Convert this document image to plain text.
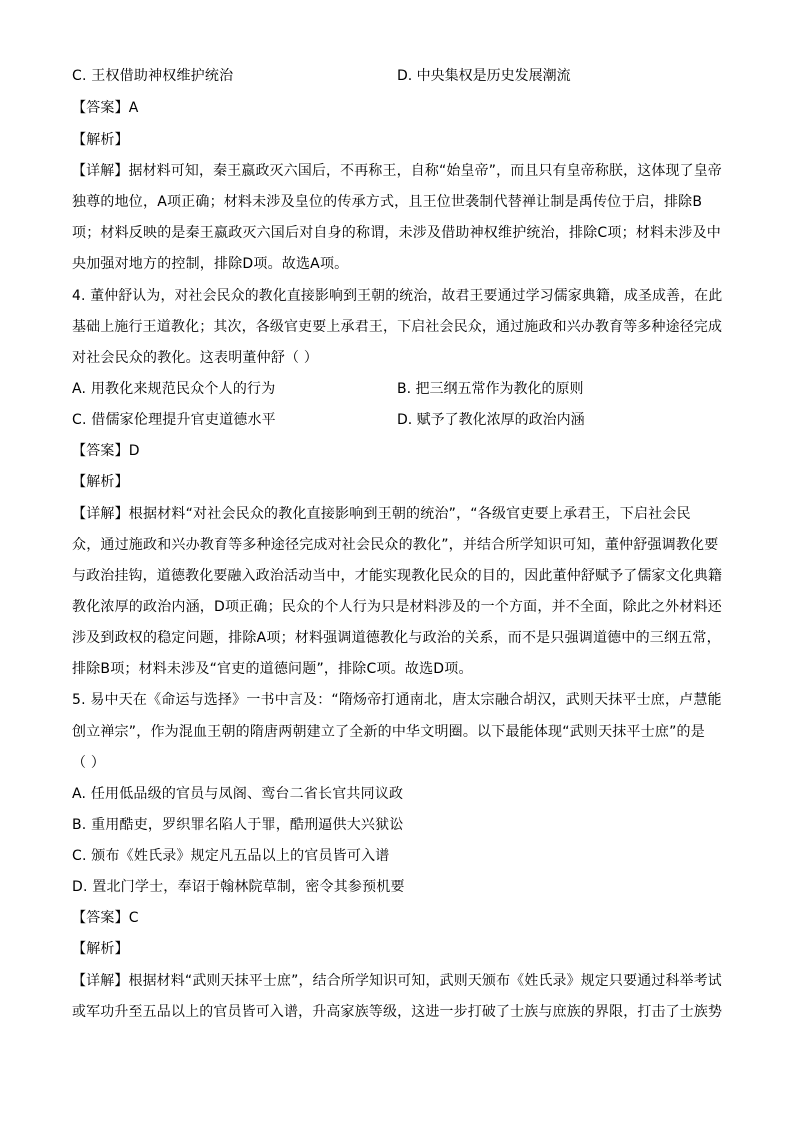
C. 王权借助神权维护统治	D. 中央集权是历史发展潮流
【答案】A
【解析】
【详解】据材料可知，秦王嬴政灭六国后，不再称王，自称“始皇帝”，而且只有皇帝称朕，这体现了皇帝
独尊的地位，A项正确；材料未涉及皇位的传承方式，且王位世袭制代替禅让制是禹传位于启，排除B
项；材料反映的是秦王嬴政灭六国后对自身的称谓，未涉及借助神权维护统治，排除C项；材料未涉及中
央加强对地方的控制，排除D项。故选A项。
4. 董仲舒认为，对社会民众的教化直接影响到王朝的统治，故君王要通过学习儒家典籍，成圣成善，在此
基础上施行王道教化；其次，各级官吏要上承君王，下启社会民众，通过施政和兴办教育等多种途径完成
对社会民众的教化。这表明董仲舒（ ）
A. 用教化来规范民众个人的行为	B. 把三纲五常作为教化的原则
C. 借儒家伦理提升官吏道德水平	D. 赋予了教化浓厚的政治内涵
【答案】D
【解析】
【详解】根据材料“对社会民众的教化直接影响到王朝的统治”，“各级官吏要上承君王，下启社会民
众，通过施政和兴办教育等多种途径完成对社会民众的教化”，并结合所学知识可知，董仲舒强调教化要
与政治挂钩，道德教化要融入政治活动当中，才能实现教化民众的目的，因此董仲舒赋予了儒家文化典籍
教化浓厚的政治内涵，D项正确；民众的个人行为只是材料涉及的一个方面，并不全面，除此之外材料还
涉及到政权的稳定问题，排除A项；材料强调道德教化与政治的关系，而不是只强调道德中的三纲五常，
排除B项；材料未涉及“官吏的道德问题”，排除C项。故选D项。
5. 易中天在《命运与选择》一书中言及：“隋炀帝打通南北，唐太宗融合胡汉，武则天抹平士庶，卢慧能
创立禅宗”，作为混血王朝的隋唐两朝建立了全新的中华文明圈。以下最能体现“武则天抹平士庶”的是
（ ）
A. 任用低品级的官员与凤阁、鸾台二省长官共同议政
B. 重用酷吏，罗织罪名陷人于罪，酷刑逼供大兴狱讼
C. 颁布《姓氏录》规定凡五品以上的官员皆可入谱
D. 置北门学士，奉诏于翰林院草制，密令其参预机要
【答案】C
【解析】
【详解】根据材料“武则天抹平士庶”，结合所学知识可知，武则天颁布《姓氏录》规定只要通过科举考试
或军功升至五品以上的官员皆可入谱，升高家族等级，这进一步打破了士族与庶族的界限，打击了士族势
